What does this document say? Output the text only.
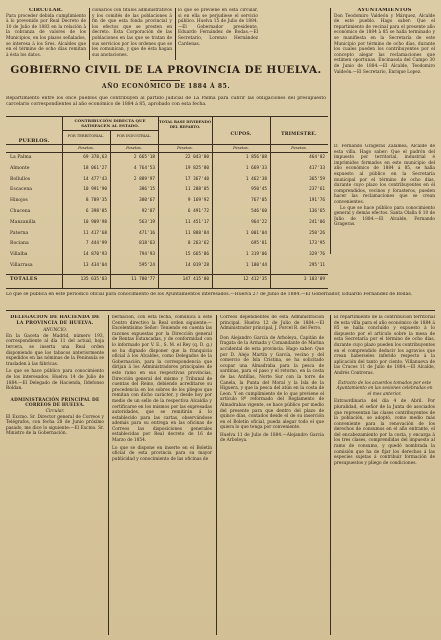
CIRCULAR.
Para proceder debida cumplimiento à lo prevenido por Real Decreto de 10 de Julio de 1883 en la relación à la cobranza de valores de los Municipios, en los plazos señalados, se interesa à los Sres. Alcaldes que en el término de ocho días remitan à ésta los datos.
cionarios con títulos administrativos y los comités de las poblaciones à fin de que esta fonda provincial y los efectos que se presten en decreto. Esta Corporación de las poblaciones en las que se tratan de sus servicios por los ordenes que se les comunican, y que de ésta hagan sus anotaciones.
lo que se previene en esta circular, si en ella se perjudiese el servicio público. Huelva 15 de Julio de 1884.—El Gobernador presidente, Eduardo Fernández de Bodas.—El Secretario, Lorenzo Hernández Cardenas.
AYUNTAMIENTOS
Don Teodomiro Valdeón y Márquez, Alcalde de este pueblo. Hago saber: Que el repartimiento de vecinal para el presente año económico de 1884 à 85 se halla terminado y se manifiesta en la Secretaría de este Municipio por término de ocho días, durante los cuales pueden los contribuyentes por el concepto alegar las reclamaciones que estimen oportunas. Encinasola del Campo 30 de Junio de 1884.—El Alcalde, Teodomiro Valdeón.—El Secretario, Enrique Lopez.
GOBIERNO CIVIL DE LA PROVINCIA DE HUELVA.
AÑO ECONÓMICO DE 1884 Á 85.
Repartimiento entre los once pueblos que contribuyen al partido judicial de La Palma para cubrir las obligaciones del presupuesto carcelario correspondientes al año económico de 1884 á 85, aprobado con esta fecha.
PUEBLOS.
CONTRIBUCIÓN DIRECTA QUE SATISFACEN AL ESTADO.
POR TERRITORIAL.	POR INDUSTRIAL.
TOTAL BASE DIVIDENDO DEL REPARTO.
CUPOS.	TRIMESTRE.
Pesetas.	Pesetas.	Pesetas.	Pesetas.	Pesetas.
La Palma	69 378,63	2 665'18	22 043'80	1 856'08	464'02
Almonte	18 061'27	4 764'53	19 825'80	1 669'33	417'33
Bollullos	14 477'43	2 889'97	17 367'40	1 462'38	365'59
Escacena	10 991'90	386'15	11 288'05	950'45	237'61
Hinojos	8 789'35	380'67	9 169'92	767'05	191'76
Chucena	6 398'85	92'87	6 491'72	546'60	136'65
Manzanilla	10 909'98	563'19	11 451'17	964'22	241'06
Paterna	11 417'68	471'16	11 888'84	1 001'04	250'26
Rociana	7 444'99	818'63	8 263'62	695'81	173'95
Villalba	14 870'93	794'93	15 665'86	1 319'06	329'76
Villarrasa	13 434'04	595'24	14 019'28	1 180'44	295'11
TOTALES	135 635'03	11 780'77	147 415'80	12 412'35	3 103'09
D. Fernando Grageras Zalamea, Alcalde de esta villa. Hago saber: Que el padrón del impuesto por territorial, industrial é imprimidos formados en este municipio del año económico de 1884 á 85, se halla expuesto al público en la Secretaría municipal por el término de ocho días, durante cuyo plazo los contribuyentes en él comprendidos, vecinos y forasteros, pueden hacer las reclamaciones que se crean convenientes.
Lo que se hace público para conocimiento general y demás efectos. Santa Olalla 6 10 de Julio de 1884.—El Alcalde, Fernando Grageras.
Lo que se publica en este periódico oficial para conocimiento de los Ayuntamientos interesados.—Huelva 27 de Junio de 1884.—El Gobernador, Eduardo Fernández de Bodas.
DELEGACIÓN DE HACIENDA DE LA PROVINCIA DE HUELVA.
ANUNCIO.
En la Gaceta de Madrid, número 193, correspondiente al día 11 del actual, hoja tercera, se inserta una Real orden disponiendo que los tabacos anteriormente expedidos en las nóminas de la Península se trasladen à las fábricas.
Lo que se hace público para conocimiento de los interesados. Huelva 14 de Julio de 1884.—El Delegado de Hacienda, Ildefonso Roldan.
ADMINISTRACIÓN PRINCIPAL DE CORREOS DE HUELVA.
Circular.
El Excmo. Sr. Director general de Correos y Telégrafos, con fecha 28 de Junio próximo pasado, me dice lo siguiente:—El Excmo. Sr. Ministro de la Gobernación.
bernación, con esta fecha, comunica á este Centro directivo la Real orden siguiente:—Excelentísimo Señor: Teniendo en cuenta las razones expuestas por la Dirección general de Rentas Estancadas, y de conformidad con lo informado por V. E., S. M. el Rey (q. D. g.) se ha dignado disponer que la franquicia oficial á los Alcaldes, como Delegados de la Gobernación, para la correspondencia que dirijan á los Administradores principales de este ramo en sus respectivas provincias, Dirección general del mismo y Tribunal de cuentas del Reino, debiendo acreditarse su procedencia en los sobres de los pliegos que remitan con dicho carácter, y desde hoy por medio de un sello de la respectiva Alcaldía y certificarse en los mismos por las expresadas autoridades, que se remitirán á lo establecido para las cartas, observándose además para su entrega en las oficinas de Correos las disposiciones generales establecidas por Real decreto de 16 de Marzo de 1854.
Lo que se dispone en inserte en el Boletín oficial de esta provincia para su mayor publicidad y conocimiento de las oficinas de
Correos dependientes de esta Administración principal. Huelva 12 de Julio de 1884.—El Administrador principal, J. Porcel R. del Ferro.
Don Alejandro García de Arboleya, Capitán de fragata de la Armada y Comandante de Marina accidental de esta provincia. Hago saber: Que por D. Alejo Martín y García, vecino y del comercio de Isla Cristina, se ha solicitado ocupar una Almadraba para la pesca de sardinas, para el paso y el retorno, en la costa de las Antillas, Norte Sur con la torre de Canela, la Punta del Moral y la Isla de la Higuera, y que la pesca del atún en la costa de Leon. Y en cumplimiento de lo que previene el artículo 8º reformado del Reglamento de Almadrabas vigente, se hace público por medio del presente para que dentro del plazo de quince días, contados desde el de su inserción en el Boletín oficial, pueda alegar todo el que quiera lo que tenga por conveniente.
Huelva 11 de Julio de 1884.—Alejandro García de Arboleya.
El repartimiento de la contribución territorial de esta villa para el año económico de 1884 á 85 se halla concluído y expuesto á lo dispuesto por el artículo sobre la mesa de esta Secretaría por el término de ocho días, durante cuyo plazo pueden los contribuyentes en el comprendido deducir los agravios que crean haberseles inferido respecto á la aplicación del tanto por ciento. Villanueva de las Cruces 11 de Julio de 1884.—El Alcalde, Andrés Contreras.
Extracto de los acuerdos tomados por este Ayuntamiento en las sesiones celebradas en el mes anterior.
Extraordinaria del día 4 de Abril. Por pluralidad, el señor de la Junta de asociados que representan las clases contribuyentes de la población, se adoptó, como medio más conveniente para la renovación de los derechos de consumos en el año entrante, el del encabezamiento por la costa, y encarga á los tres clases, comprendidas del impuesto al ramo de consumo, y quedó nombrada la comisión que ha de fijar los derechos á las especies sujetas á contribuir formación de presupuestos y pliego de condiciones.
